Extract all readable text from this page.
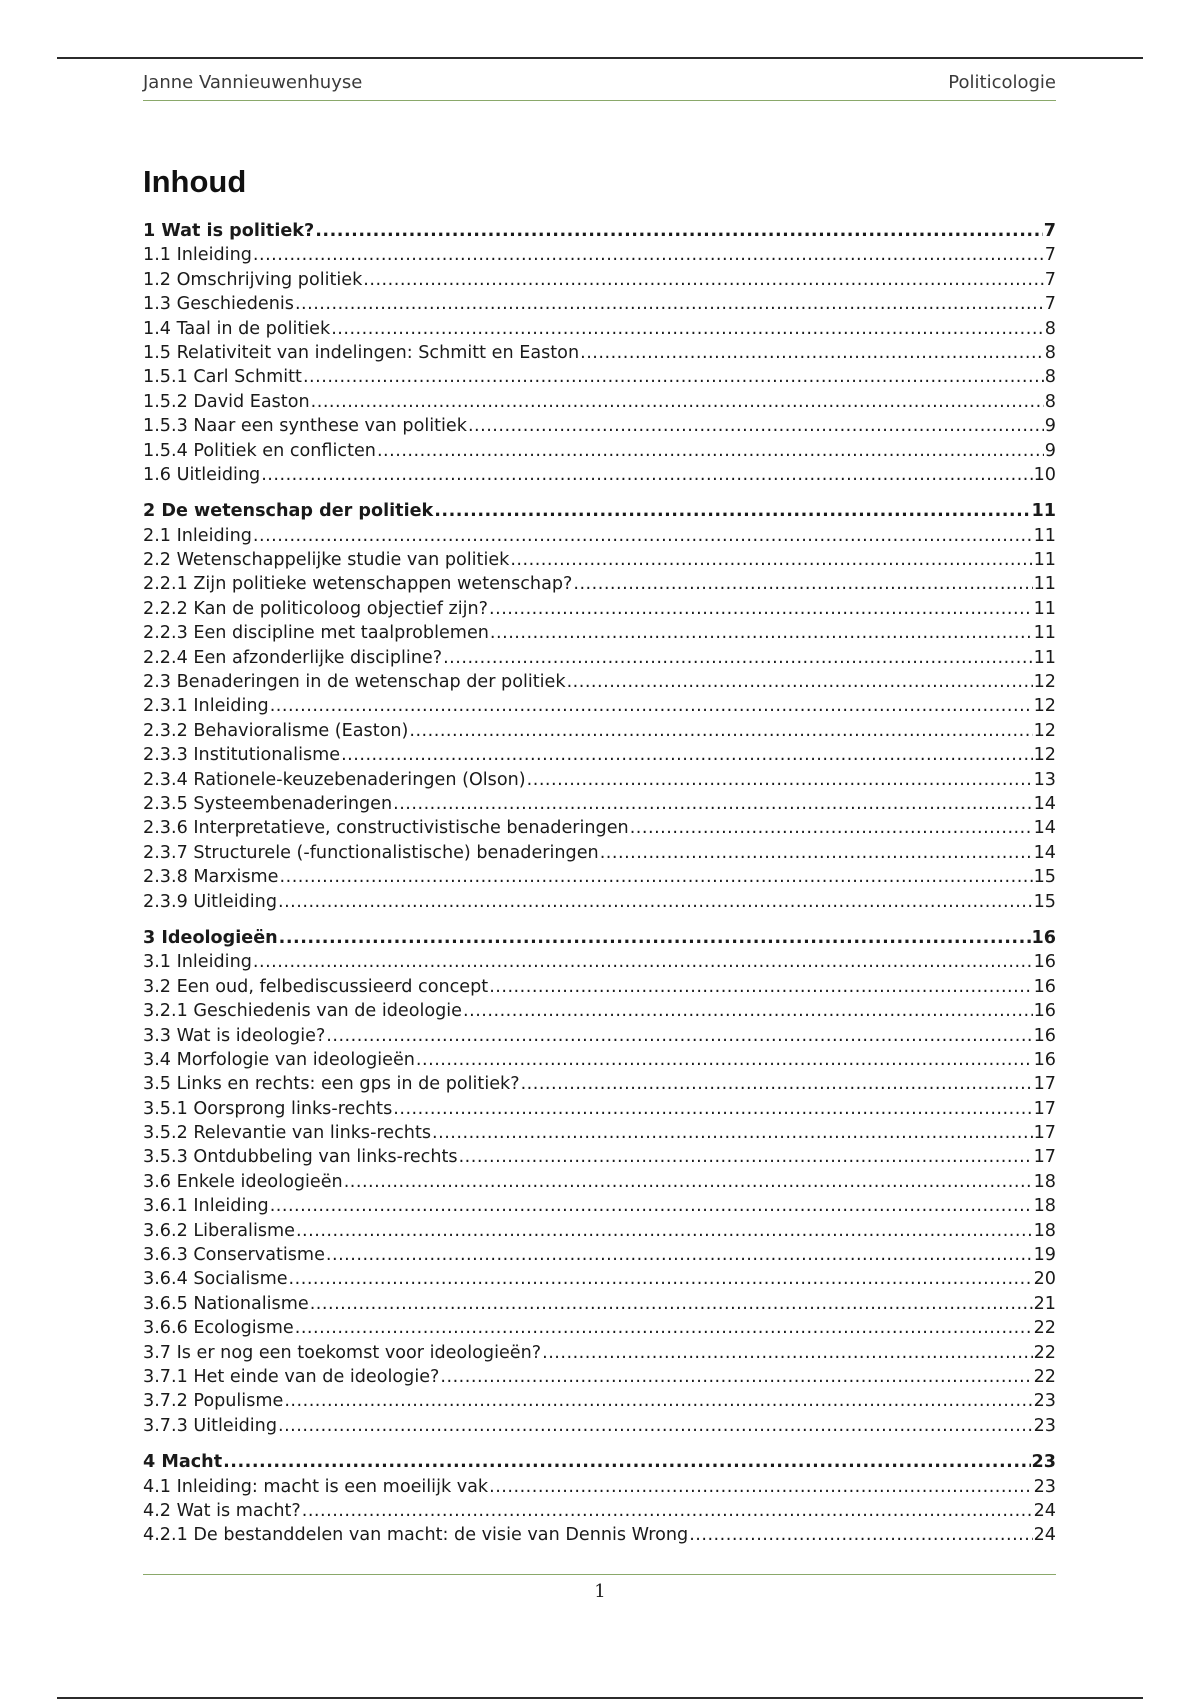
Janne Vannieuwenhuyse	Politicologie
Inhoud
1 Wat is politiek? .....	7
1.1 Inleiding .....	7
1.2 Omschrijving politiek .....	7
1.3 Geschiedenis .....	7
1.4 Taal in de politiek .....	8
1.5 Relativiteit van indelingen: Schmitt en Easton .....	8
1.5.1 Carl Schmitt .....	8
1.5.2 David Easton .....	8
1.5.3 Naar een synthese van politiek .....	9
1.5.4 Politiek en conflicten .....	9
1.6 Uitleiding .....	10
2 De wetenschap der politiek .....	11
2.1 Inleiding .....	11
2.2 Wetenschappelijke studie van politiek .....	11
2.2.1 Zijn politieke wetenschappen wetenschap? .....	11
2.2.2 Kan de politicoloog objectief zijn? .....	11
2.2.3 Een discipline met taalproblemen .....	11
2.2.4 Een afzonderlijke discipline? .....	11
2.3 Benaderingen in de wetenschap der politiek .....	12
2.3.1 Inleiding .....	12
2.3.2 Behavioralisme (Easton) .....	12
2.3.3 Institutionalisme .....	12
2.3.4 Rationele-keuzebenaderingen (Olson) .....	13
2.3.5 Systeembenaderingen .....	14
2.3.6 Interpretatieve, constructivistische benaderingen .....	14
2.3.7 Structurele (-functionalistische) benaderingen .....	14
2.3.8 Marxisme .....	15
2.3.9 Uitleiding .....	15
3 Ideologieën .....	16
3.1 Inleiding .....	16
3.2 Een oud, felbediscussieerd concept .....	16
3.2.1 Geschiedenis van de ideologie .....	16
3.3 Wat is ideologie? .....	16
3.4 Morfologie van ideologieën .....	16
3.5 Links en rechts: een gps in de politiek? .....	17
3.5.1 Oorsprong links-rechts .....	17
3.5.2 Relevantie van links-rechts .....	17
3.5.3 Ontdubbeling van links-rechts .....	17
3.6 Enkele ideologieën .....	18
3.6.1 Inleiding .....	18
3.6.2 Liberalisme .....	18
3.6.3 Conservatisme .....	19
3.6.4 Socialisme .....	20
3.6.5 Nationalisme .....	21
3.6.6 Ecologisme .....	22
3.7 Is er nog een toekomst voor ideologieën? .....	22
3.7.1 Het einde van de ideologie? .....	22
3.7.2 Populisme .....	23
3.7.3 Uitleiding .....	23
4 Macht .....	23
4.1 Inleiding: macht is een moeilijk vak .....	23
4.2 Wat is macht? .....	24
4.2.1 De bestanddelen van macht: de visie van Dennis Wrong .....	24
1
